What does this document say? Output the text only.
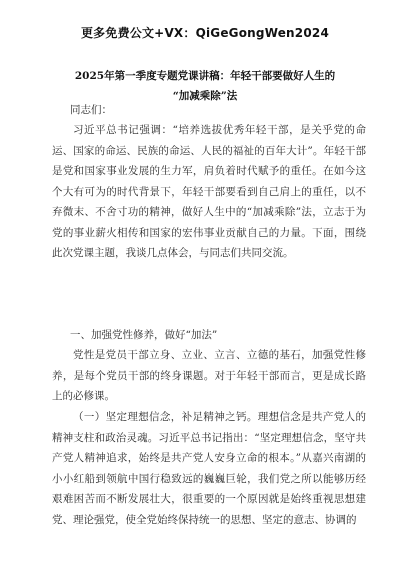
更多免费公文+VX：QiGeGongWen2024
2025年第一季度专题党课讲稿：年轻干部要做好人生的
“加减乘除”法
同志们：

习近平总书记强调：“培养选拔优秀年轻干部，是关乎党的命运、国家的命运、民族的命运、人民的福祉的百年大计”。年轻干部是党和国家事业发展的生力军，肩负着时代赋予的重任。在如今这个大有可为的时代背景下，年轻干部要看到自己肩上的重任，以不弃微末、不舍寸功的精神，做好人生中的“加减乘除”法，立志于为党的事业薪火相传和国家的宏伟事业贡献自己的力量。下面，围绕此次党课主题，我谈几点体会，与同志们共同交流。

一、加强党性修养，做好“加法”

党性是党员干部立身、立业、立言、立德的基石，加强党性修养，是每个党员干部的终身课题。对于年轻干部而言，更是成长路上的必修课。

（一）坚定理想信念，补足精神之钙。理想信念是共产党人的精神支柱和政治灵魂。习近平总书记指出：“坚定理想信念，坚守共产党人精神追求，始终是共产党人安身立命的根本。”从嘉兴南湖的小小红船到领航中国行稳致远的巍巍巨轮，我们党之所以能够历经艰难困苦而不断发展壮大，很重要的一个原因就是始终重视思想建党、理论强党，使全党始终保持统一的思想、坚定的意志、协调的
